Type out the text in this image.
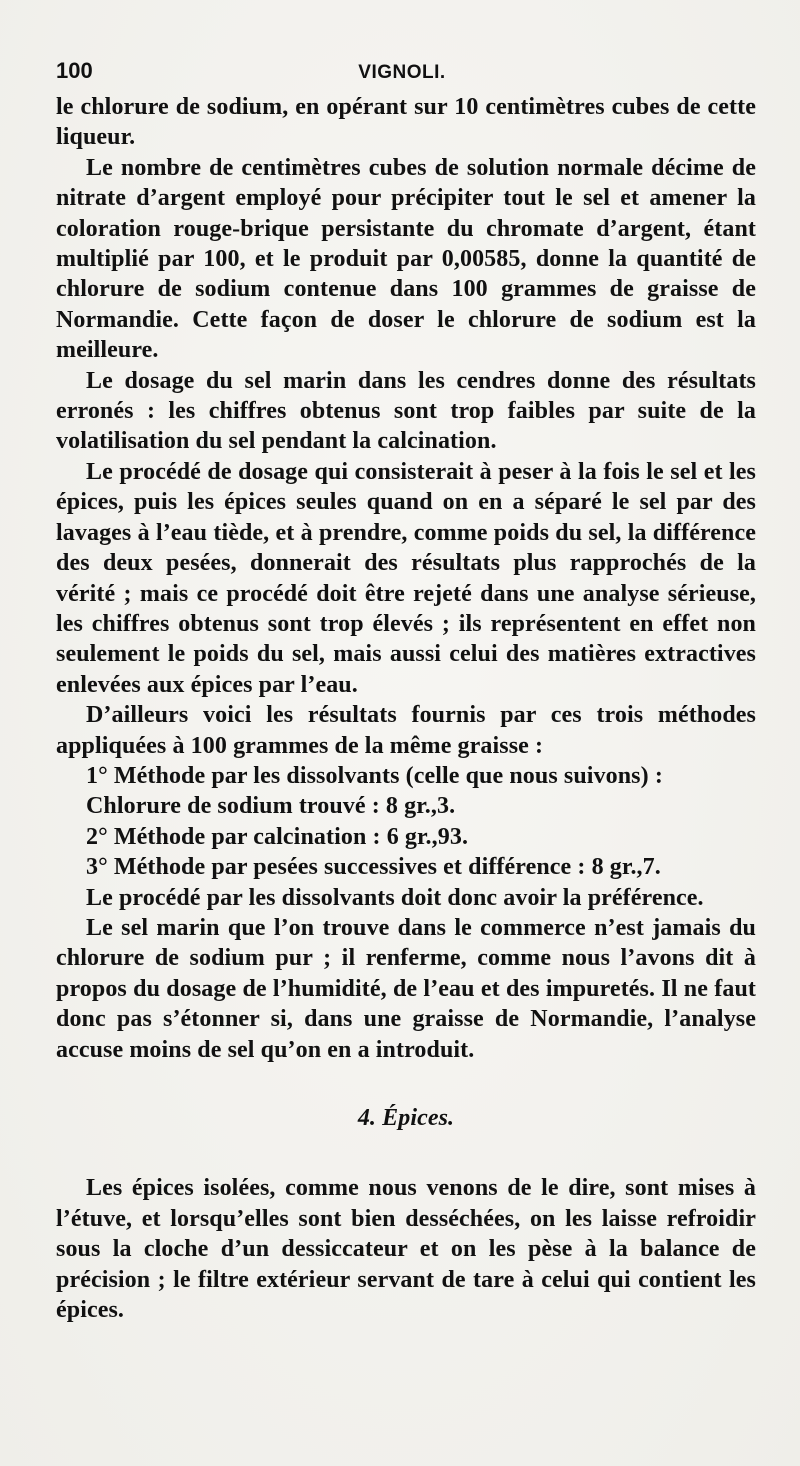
100	VIGNOLI.

le chlorure de sodium, en opérant sur 10 centimètres cubes de cette liqueur.

Le nombre de centimètres cubes de solution normale décime de nitrate d’argent employé pour précipiter tout le sel et amener la coloration rouge-brique persistante du chromate d’argent, étant multiplié par 100, et le produit par 0,00585, donne la quantité de chlorure de sodium contenue dans 100 grammes de graisse de Normandie. Cette façon de doser le chlorure de sodium est la meilleure.

Le dosage du sel marin dans les cendres donne des résultats erronés : les chiffres obtenus sont trop faibles par suite de la volatilisation du sel pendant la calcination.

Le procédé de dosage qui consisterait à peser à la fois le sel et les épices, puis les épices seules quand on en a séparé le sel par des lavages à l’eau tiède, et à prendre, comme poids du sel, la différence des deux pesées, donnerait des résultats plus rapprochés de la vérité ; mais ce procédé doit être rejeté dans une analyse sérieuse, les chiffres obtenus sont trop élevés ; ils représentent en effet non seulement le poids du sel, mais aussi celui des matières extractives enlevées aux épices par l’eau.

D’ailleurs voici les résultats fournis par ces trois méthodes appliquées à 100 grammes de la même graisse :

1° Méthode par les dissolvants (celle que nous suivons) :

Chlorure de sodium trouvé : 8 gr.,3.

2° Méthode par calcination : 6 gr.,93.

3° Méthode par pesées successives et différence : 8 gr.,7.

Le procédé par les dissolvants doit donc avoir la préférence.

Le sel marin que l’on trouve dans le commerce n’est jamais du chlorure de sodium pur ; il renferme, comme nous l’avons dit à propos du dosage de l’humidité, de l’eau et des impuretés. Il ne faut donc pas s’étonner si, dans une graisse de Normandie, l’analyse accuse moins de sel qu’on en a introduit.

4. Épices.

Les épices isolées, comme nous venons de le dire, sont mises à l’étuve, et lorsqu’elles sont bien desséchées, on les laisse refroidir sous la cloche d’un dessiccateur et on les pèse à la balance de précision ; le filtre extérieur servant de tare à celui qui contient les épices.
